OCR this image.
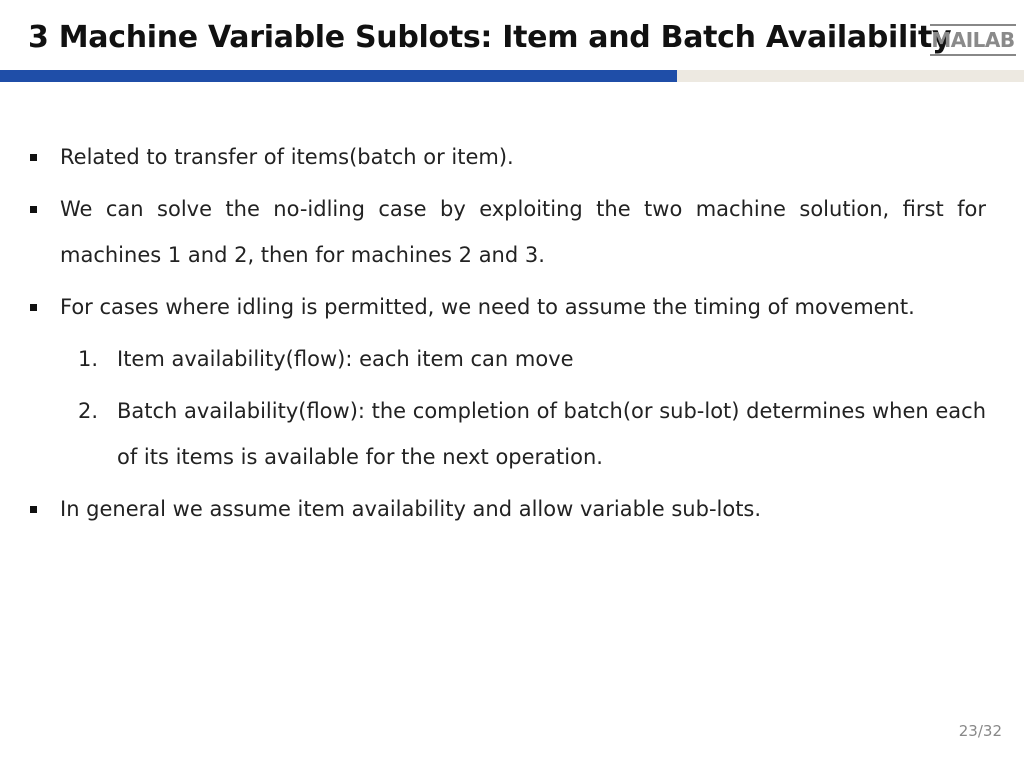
3 Machine Variable Sublots: Item and Batch Availability
MAILAB
Related to transfer of items(batch or item).
We can solve the no-idling case by exploiting the two machine solution, first for machines 1 and 2, then for machines 2 and 3.
For cases where idling is permitted, we need to assume the timing of movement.
1. Item availability(flow): each item can move
2. Batch availability(flow): the completion of batch(or sub-lot) determines when each of its items is available for the next operation.
In general we assume item availability and allow variable sub-lots.
23/32
